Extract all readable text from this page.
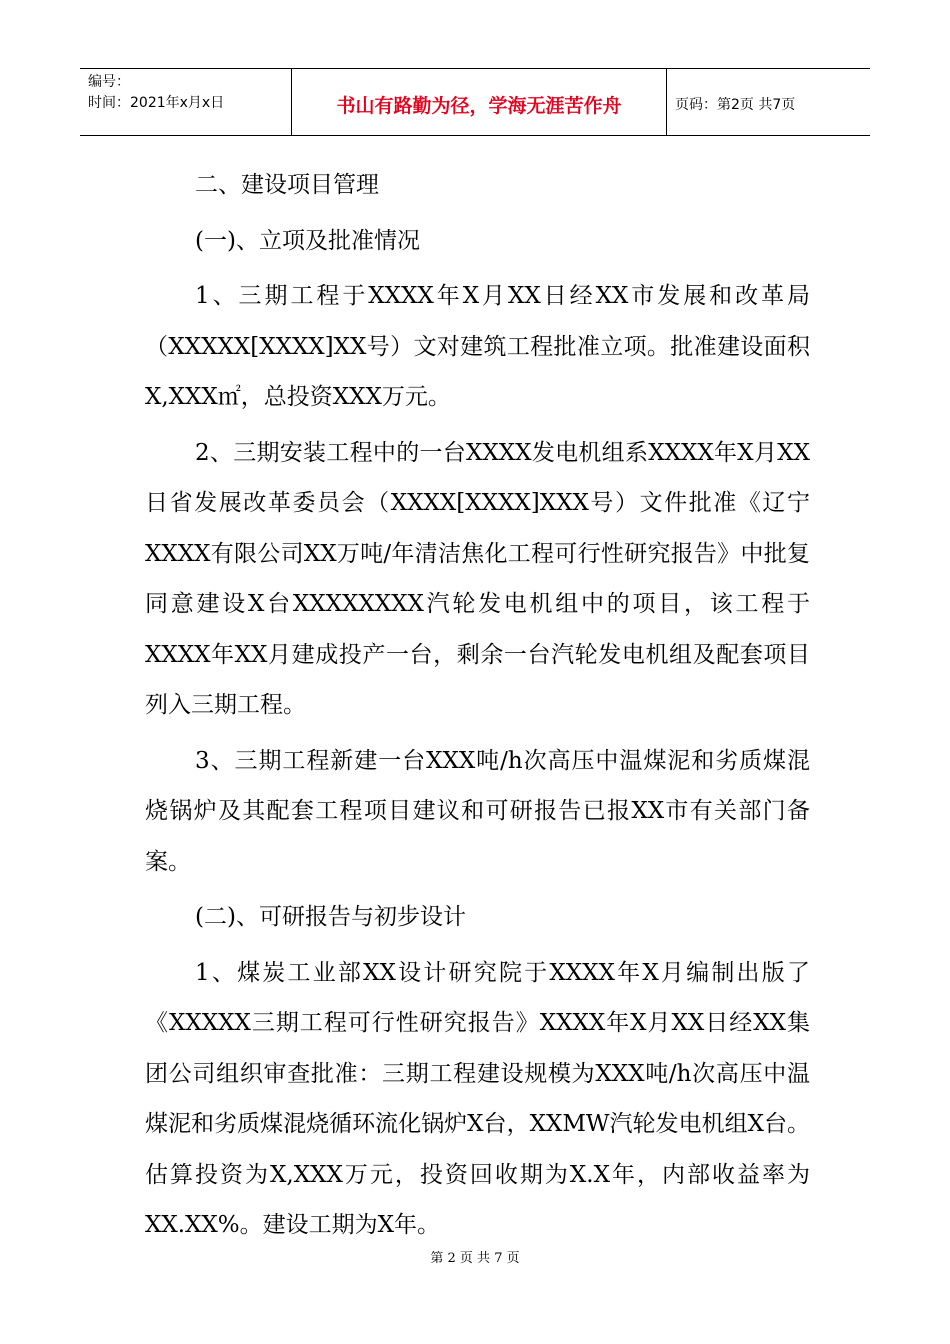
编号：
时间：2021年x月x日	书山有路勤为径，学海无涯苦作舟	页码：第2页 共7页

二、建设项目管理

(一)、立项及批准情况

1、三期工程于XXXX年X月XX日经XX市发展和改革局（XXXXX[XXXX]XX号）文对建筑工程批准立项。批准建设面积X,XXX㎡，总投资XXX万元。

2、三期安装工程中的一台XXXX发电机组系XXXX年X月XX日省发展改革委员会（XXXX[XXXX]XXX号）文件批准《辽宁XXXX有限公司XX万吨/年清洁焦化工程可行性研究报告》中批复同意建设X台XXXXXXXX汽轮发电机组中的项目，该工程于XXXX年XX月建成投产一台，剩余一台汽轮发电机组及配套项目列入三期工程。

3、三期工程新建一台XXX吨/h次高压中温煤泥和劣质煤混烧锅炉及其配套工程项目建议和可研报告已报XX市有关部门备案。

(二)、可研报告与初步设计

1、煤炭工业部XX设计研究院于XXXX年X月编制出版了《XXXXX三期工程可行性研究报告》XXXX年X月XX日经XX集团公司组织审查批准：三期工程建设规模为XXX吨/h次高压中温煤泥和劣质煤混烧循环流化锅炉X台，XXMW汽轮发电机组X台。估算投资为X,XXX万元，投资回收期为X.X年，内部收益率为XX.XX%。建设工期为X年。

第 2 页 共 7 页
